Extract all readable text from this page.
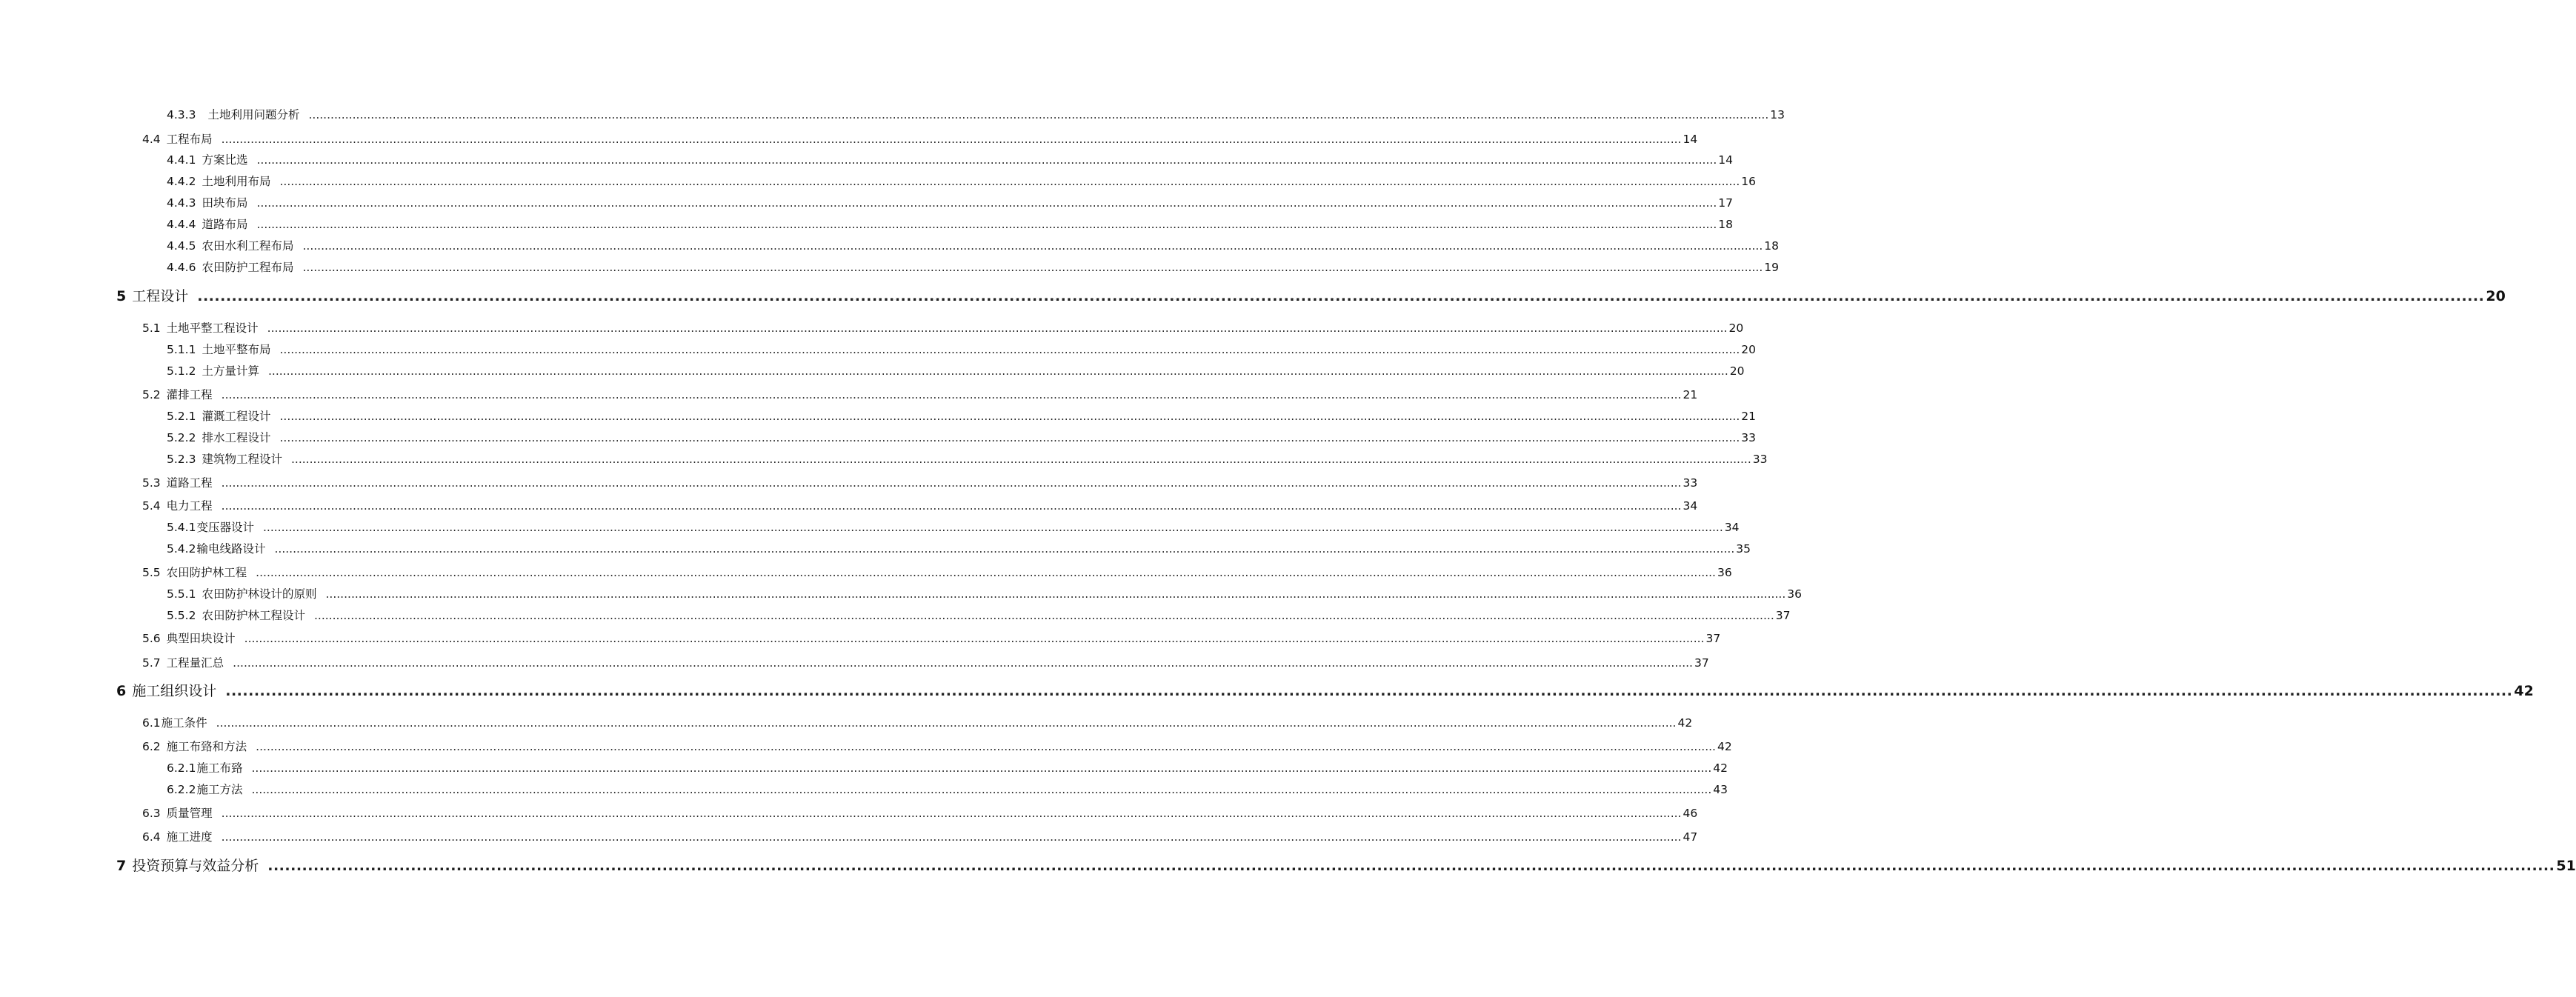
4.3.3 土地利用问题分析 ................................................................................................................................................................................................................................................................................................................................................................................................................ 13
4.4 工程布局 ................................................................................................................................................................................................................................................................................................................................................................................................................ 14
4.4.1 方案比选 ................................................................................................................................................................................................................................................................................................................................................................................................................ 14
4.4.2 土地利用布局 ................................................................................................................................................................................................................................................................................................................................................................................................................ 16
4.4.3 田块布局 ................................................................................................................................................................................................................................................................................................................................................................................................................ 17
4.4.4 道路布局 ................................................................................................................................................................................................................................................................................................................................................................................................................ 18
4.4.5 农田水利工程布局 ................................................................................................................................................................................................................................................................................................................................................................................................................ 18
4.4.6 农田防护工程布局 ................................................................................................................................................................................................................................................................................................................................................................................................................ 19
5 工程设计 ................................................................................................................................................................................................................................................................................................................................................................................................................ 20
5.1 土地平整工程设计 ................................................................................................................................................................................................................................................................................................................................................................................................................ 20
5.1.1 土地平整布局 ................................................................................................................................................................................................................................................................................................................................................................................................................ 20
5.1.2 土方量计算 ................................................................................................................................................................................................................................................................................................................................................................................................................ 20
5.2 灌排工程 ................................................................................................................................................................................................................................................................................................................................................................................................................ 21
5.2.1 灌溉工程设计 ................................................................................................................................................................................................................................................................................................................................................................................................................ 21
5.2.2 排水工程设计 ................................................................................................................................................................................................................................................................................................................................................................................................................ 33
5.2.3 建筑物工程设计 ................................................................................................................................................................................................................................................................................................................................................................................................................ 33
5.3 道路工程 ................................................................................................................................................................................................................................................................................................................................................................................................................ 33
5.4 电力工程 ................................................................................................................................................................................................................................................................................................................................................................................................................ 34
5.4.1 变压器设计 ................................................................................................................................................................................................................................................................................................................................................................................................................ 34
5.4.2 输电线路设计 ................................................................................................................................................................................................................................................................................................................................................................................................................ 35
5.5 农田防护林工程 ................................................................................................................................................................................................................................................................................................................................................................................................................ 36
5.5.1 农田防护林设计的原则 ................................................................................................................................................................................................................................................................................................................................................................................................................ 36
5.5.2 农田防护林工程设计 ................................................................................................................................................................................................................................................................................................................................................................................................................ 37
5.6 典型田块设计 ................................................................................................................................................................................................................................................................................................................................................................................................................ 37
5.7 工程量汇总 ................................................................................................................................................................................................................................................................................................................................................................................................................ 37
6 施工组织设计 ................................................................................................................................................................................................................................................................................................................................................................................................................ 42
6.1 施工条件 ................................................................................................................................................................................................................................................................................................................................................................................................................ 42
6.2 施工布臵和方法 ................................................................................................................................................................................................................................................................................................................................................................................................................ 42
6.2.1 施工布臵 ................................................................................................................................................................................................................................................................................................................................................................................................................ 42
6.2.2 施工方法 ................................................................................................................................................................................................................................................................................................................................................................................................................ 43
6.3 质量管理 ................................................................................................................................................................................................................................................................................................................................................................................................................ 46
6.4 施工进度 ................................................................................................................................................................................................................................................................................................................................................................................................................ 47
7 投资预算与效益分析 ................................................................................................................................................................................................................................................................................................................................................................................................................ 51
